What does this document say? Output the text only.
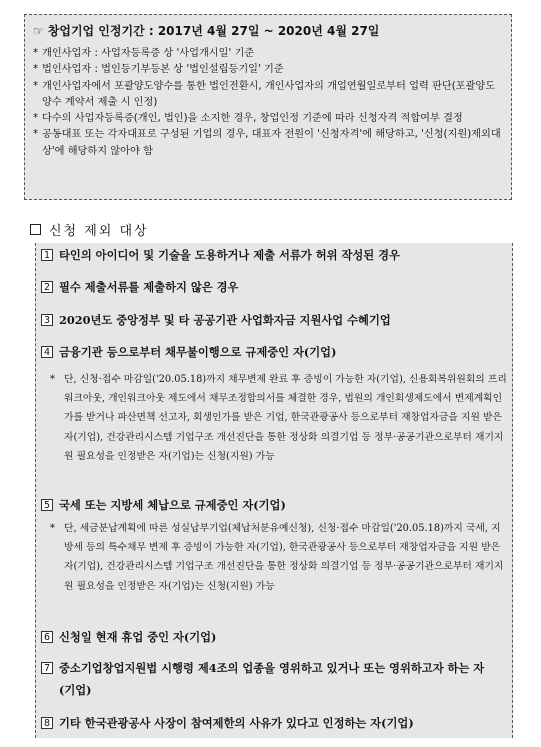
☞ 창업기업 인정기간 : 2017년 4월 27일 ~ 2020년 4월 27일
* 개인사업자 : 사업자등록증 상 '사업개시일' 기준
* 법인사업자 : 법인등기부등본 상 '법인설립등기일' 기준
* 개인사업자에서 포괄양도양수를 통한 법인전환시, 개인사업자의 개업연월일로부터 업력 판단(포괄양도양수 계약서 제출 시 인정)
* 다수의 사업자등록증(개인, 법인)을 소지한 경우, 창업인정 기준에 따라 신청자격 적합여부 결정
* 공동대표 또는 각자대표로 구성된 기업의 경우, 대표자 전원이 '신청자격'에 해당하고, '신청(지원)제외대상'에 해당하지 않아야 함
신청 제외 대상
1 타인의 아이디어 및 기술을 도용하거나 제출 서류가 허위 작성된 경우
2 필수 제출서류를 제출하지 않은 경우
3 2020년도 중앙정부 및 타 공공기관 사업화자금 지원사업 수혜기업
4 금융기관 등으로부터 채무불이행으로 규제중인 자(기업)
* 단, 신청·접수 마감일('20.05.18)까지 채무변제 완료 후 증빙이 가능한 자(기업), 신용회복위원회의 프리워크아웃, 개인워크아웃 제도에서 채무조정합의서를 체결한 경우, 법원의 개인회생제도에서 변제계획인가를 받거나 파산면책 선고자, 회생인가를 받은 기업, 한국관광공사 등으로부터 재창업자금을 지원 받은 자(기업), 건강관리시스템 기업구조 개선진단을 통한 정상화 의결기업 등 정부·공공기관으로부터 재기지원 필요성을 인정받은 자(기업)는 신청(지원) 가능

5 국세 또는 지방세 체납으로 규제중인 자(기업)
* 단, 세금분납계획에 따른 성실납부기업(체납처분유예신청), 신청·접수 마감일('20.05.18)까지 국세, 지방세 등의 특수채무 변제 후 증빙이 가능한 자(기업), 한국관광공사 등으로부터 재창업자금을 지원 받은 자(기업), 건강관리시스템 기업구조 개선진단을 통한 정상화 의결기업 등 정부·공공기관으로부터 재기지원 필요성을 인정받은 자(기업)는 신청(지원) 가능

6 신청일 현재 휴업 중인 자(기업)
7 중소기업창업지원법 시행령 제4조의 업종을 영위하고 있거나 또는 영위하고자 하는 자(기업)
8 기타 한국관광공사 사장이 참여제한의 사유가 있다고 인정하는 자(기업)
